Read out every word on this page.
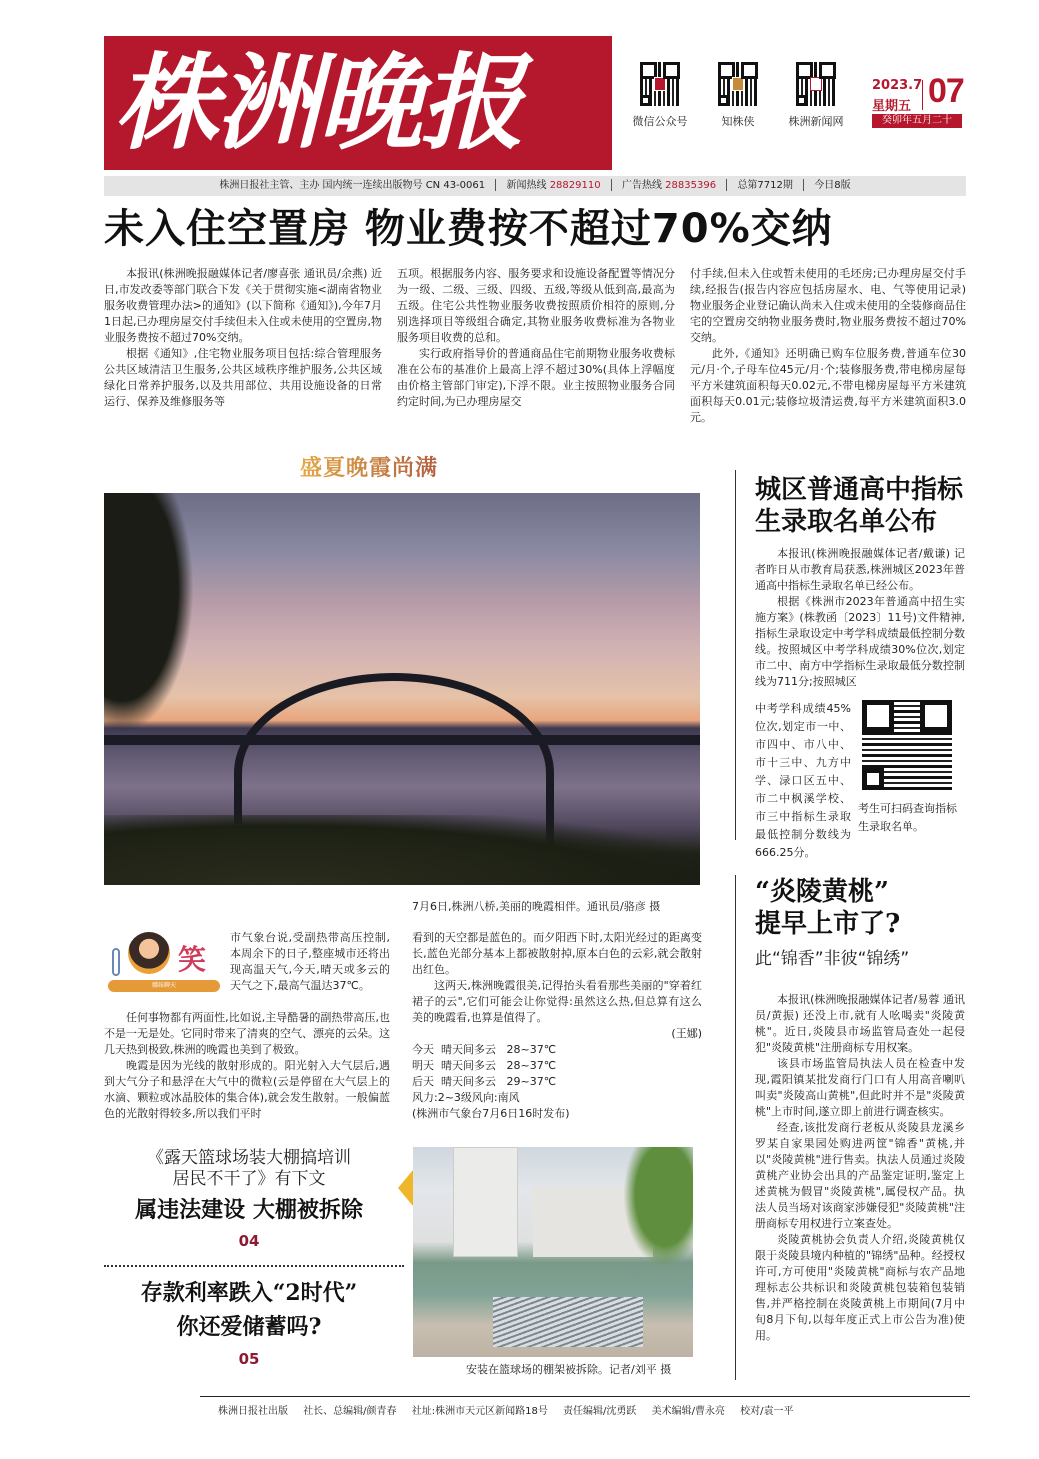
株洲晚报	微信公众号	知株侠	株洲新闻网
2023.7
星期五 07
癸卯年五月二十
株洲日报社主管、主办 国内统一连续出版物号 CN 43-0061 新闻热线 28829110 广告热线 28835396 总第7712期 今日8版
未入住空置房 物业费按不超过70%交纳

本报讯(株洲晚报融媒体记者/廖喜张 通讯员/余燕) 近日,市发改委等部门联合下发《关于贯彻实施<湖南省物业服务收费管理办法>的通知》(以下简称《通知》),今年7月1日起,已办理房屋交付手续但未入住或未使用的空置房,物业服务费按不超过70%交纳。

根据《通知》,住宅物业服务项目包括:综合管理服务公共区域清洁卫生服务,公共区域秩序维护服务,公共区域绿化日常养护服务,以及共用部位、共用设施设备的日常运行、保养及维修服务等

五项。根据服务内容、服务要求和设施设备配置等情况分为一级、二级、三级、四级、五级,等级从低到高,最高为五级。住宅公共性物业服务收费按照质价相符的原则,分别选择项目等级组合确定,其物业服务收费标准为各物业服务项目收费的总和。

实行政府指导价的普通商品住宅前期物业服务收费标准在公布的基准价上最高上浮不超过30%(具体上浮幅度由价格主管部门审定),下浮不限。业主按照物业服务合同约定时间,为已办理房屋交

付手续,但未入住或暂未使用的毛坯房;已办理房屋交付手续,经报告(报告内容应包括房屋水、电、气等使用记录)物业服务企业登记确认尚未入住或未使用的全装修商品住宅的空置房交纳物业服务费时,物业服务费按不超过70%交纳。

此外,《通知》还明确已购车位服务费,普通车位30元/月·个,子母车位45元/月·个;装修服务费,带电梯房屋每平方米建筑面积每天0.02元,不带电梯房屋每平方米建筑面积每天0.01元;装修垃圾清运费,每平方米建筑面积3.0元。

盛夏晚霞尚满
7月6日,株洲八桥,美丽的晚霞相伴。通讯员/骆彦 摄
笑
娜妹聊天

市气象台说,受副热带高压控制,本周余下的日子,整座城市还将出现高温天气,今天,晴天或多云的天气之下,最高气温达37℃。

任何事物都有两面性,比如说,主导酷暑的副热带高压,也不是一无是处。它同时带来了清爽的空气、漂亮的云朵。这几天热到极致,株洲的晚霞也美到了极致。

晚霞是因为光线的散射形成的。阳光射入大气层后,遇到大气分子和悬浮在大气中的微粒(云是停留在大气层上的水滴、颗粒或冰晶胶体的集合体),就会发生散射。一般偏蓝色的光散射得较多,所以我们平时

看到的天空都是蓝色的。而夕阳西下时,太阳光经过的距离变长,蓝色光部分基本上都被散射掉,原本白色的云彩,就会散射出红色。

这两天,株洲晚霞很美,记得抬头看看那些美丽的"穿着红裙子的云",它们可能会让你觉得:虽然这么热,但总算有这么美的晚霞看,也算是值得了。

(王娜)
今天 晴天间多云 28~37℃
明天 晴天间多云 28~37℃
后天 晴天间多云 29~37℃
风力:2~3级风向:南风
(株洲市气象台7月6日16时发布)
城区普通高中指标
生录取名单公布

本报讯(株洲晚报融媒体记者/戴谦) 记者昨日从市教育局获悉,株洲城区2023年普通高中指标生录取名单已经公布。

根据《株洲市2023年普通高中招生实施方案》(株教函〔2023〕11号)文件精神,指标生录取设定中考学科成绩最低控制分数线。按照城区中考学科成绩30%位次,划定市二中、南方中学指标生录取最低分数控制线为711分;按照城区

中考学科成绩45%位次,划定市一中、市四中、市八中、市十三中、九方中学、渌口区五中、市二中枫溪学校、市三中指标生录取最低控制分数线为666.25分。

考生可扫码查询指标生录取名单。
“炎陵黄桃”
提早上市了?
此“锦香”非彼“锦绣”

本报讯(株洲晚报融媒体记者/易蓉 通讯员/黄振) 还没上市,就有人吆喝卖"炎陵黄桃"。近日,炎陵县市场监管局查处一起侵犯"炎陵黄桃"注册商标专用权案。

该县市场监管局执法人员在检查中发现,霞阳镇某批发商行门口有人用高音喇叭叫卖"炎陵高山黄桃",但此时并不是"炎陵黄桃"上市时间,遂立即上前进行调查核实。

经查,该批发商行老板从炎陵县龙溪乡罗某自家果园处购进两筐"锦香"黄桃,并以"炎陵黄桃"进行售卖。执法人员通过炎陵黄桃产业协会出具的产品鉴定证明,鉴定上述黄桃为假冒"炎陵黄桃",属侵权产品。执法人员当场对该商家涉嫌侵犯"炎陵黄桃"注册商标专用权进行立案查处。

炎陵黄桃协会负责人介绍,炎陵黄桃仅限于炎陵县境内种植的"锦绣"品种。经授权许可,方可使用"炎陵黄桃"商标与农产品地理标志公共标识和炎陵黄桃包装箱包装销售,并严格控制在炎陵黄桃上市期间(7月中旬8月下旬,以每年度正式上市公告为准)使用。

《露天篮球场装大棚搞培训
居民不干了》有下文
属违法建设 大棚被拆除
04
存款利率跌入“2时代”
你还爱储蓄吗?
05
安装在篮球场的棚架被拆除。记者/刘平 摄
株洲日报社出版 社长、总编辑/颜青春 社址:株洲市天元区新闻路18号 责任编辑/沈勇跃 美术编辑/曹永亮 校对/袁一平
